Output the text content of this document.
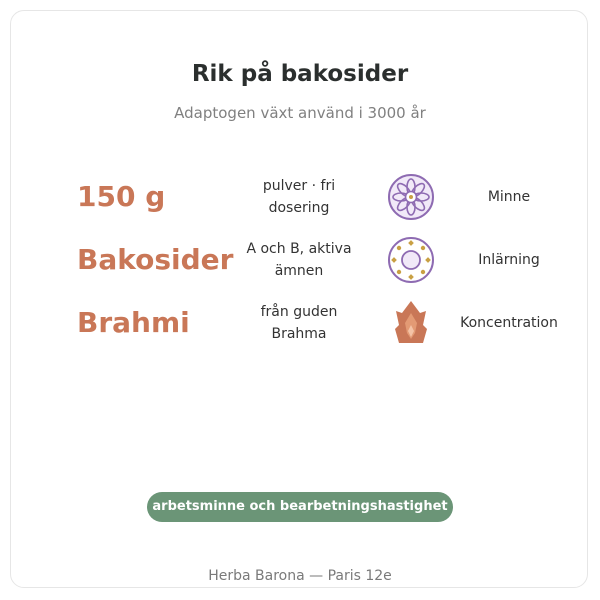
Rik på bakosider
Adaptogen växt använd i 3000 år
150 g	pulver · fri
dosering
Minne
Bakosider A och B, aktiva
ämnen
Inlärning
Brahmi	från guden
Brahma
Koncentration
arbetsminne och bearbetningshastighet
Herba Barona — Paris 12e
